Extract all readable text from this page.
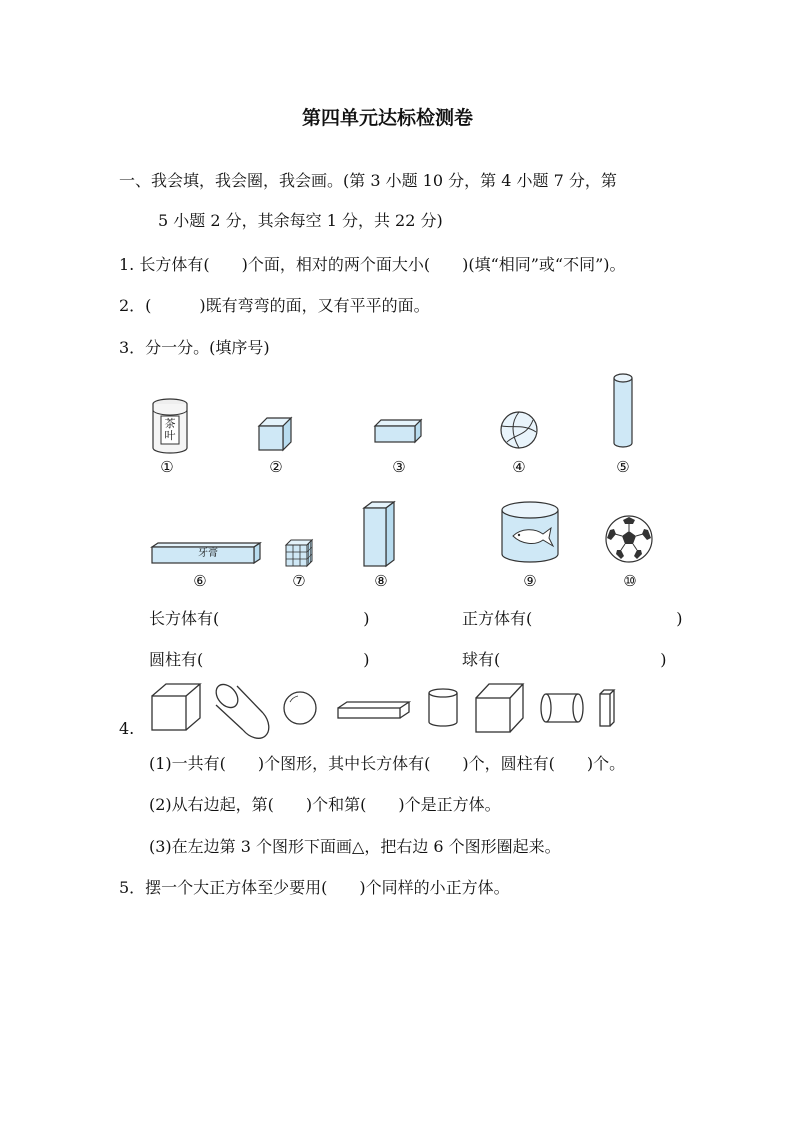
第四单元达标检测卷
一、我会填，我会圈，我会画。(第 3 小题 10 分，第 4 小题 7 分，第
5 小题 2 分，其余每空 1 分，共 22 分)
1. 长方体有(　　)个面，相对的两个面大小(　　)(填“相同”或“不同”)。
2．(　　　)既有弯弯的面，又有平平的面。
3．分一分。(填序号)
茶叶
①	②	③	④	⑤
牙膏
⑥	⑦	⑧	⑨	⑩
长方体有(　　　　　　　　　)	正方体有(　　　　　　　　　)
圆柱有(　　　　　　　　　　)	球有(　　　　　　　　　　)
4.
(1)一共有(　　)个图形，其中长方体有(　　)个，圆柱有(　　)个。
(2)从右边起，第(　　)个和第(　　)个是正方体。
(3)在左边第 3 个图形下面画△，把右边 6 个图形圈起来。
5．摆一个大正方体至少要用(　　)个同样的小正方体。
